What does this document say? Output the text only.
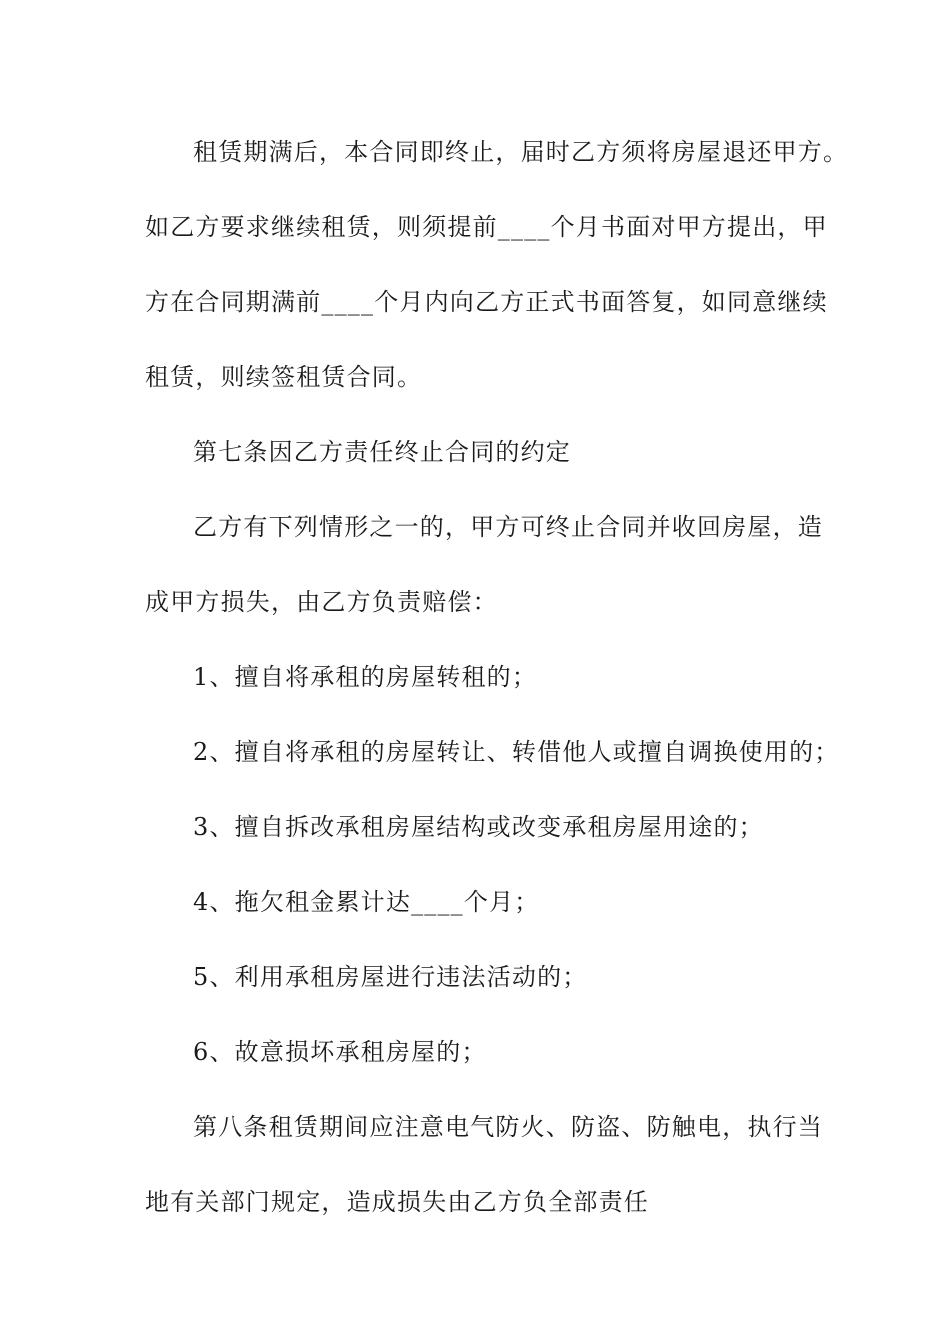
租赁期满后，本合同即终止，届时乙方须将房屋退还甲方。
如乙方要求继续租赁，则须提前____个月书面对甲方提出，甲
方在合同期满前____个月内向乙方正式书面答复，如同意继续
租赁，则续签租赁合同。
第七条因乙方责任终止合同的约定
乙方有下列情形之一的，甲方可终止合同并收回房屋，造
成甲方损失，由乙方负责赔偿：
1、擅自将承租的房屋转租的；
2、擅自将承租的房屋转让、转借他人或擅自调换使用的；
3、擅自拆改承租房屋结构或改变承租房屋用途的；
4、拖欠租金累计达____个月；
5、利用承租房屋进行违法活动的；
6、故意损坏承租房屋的；
第八条租赁期间应注意电气防火、防盗、防触电，执行当
地有关部门规定，造成损失由乙方负全部责任
